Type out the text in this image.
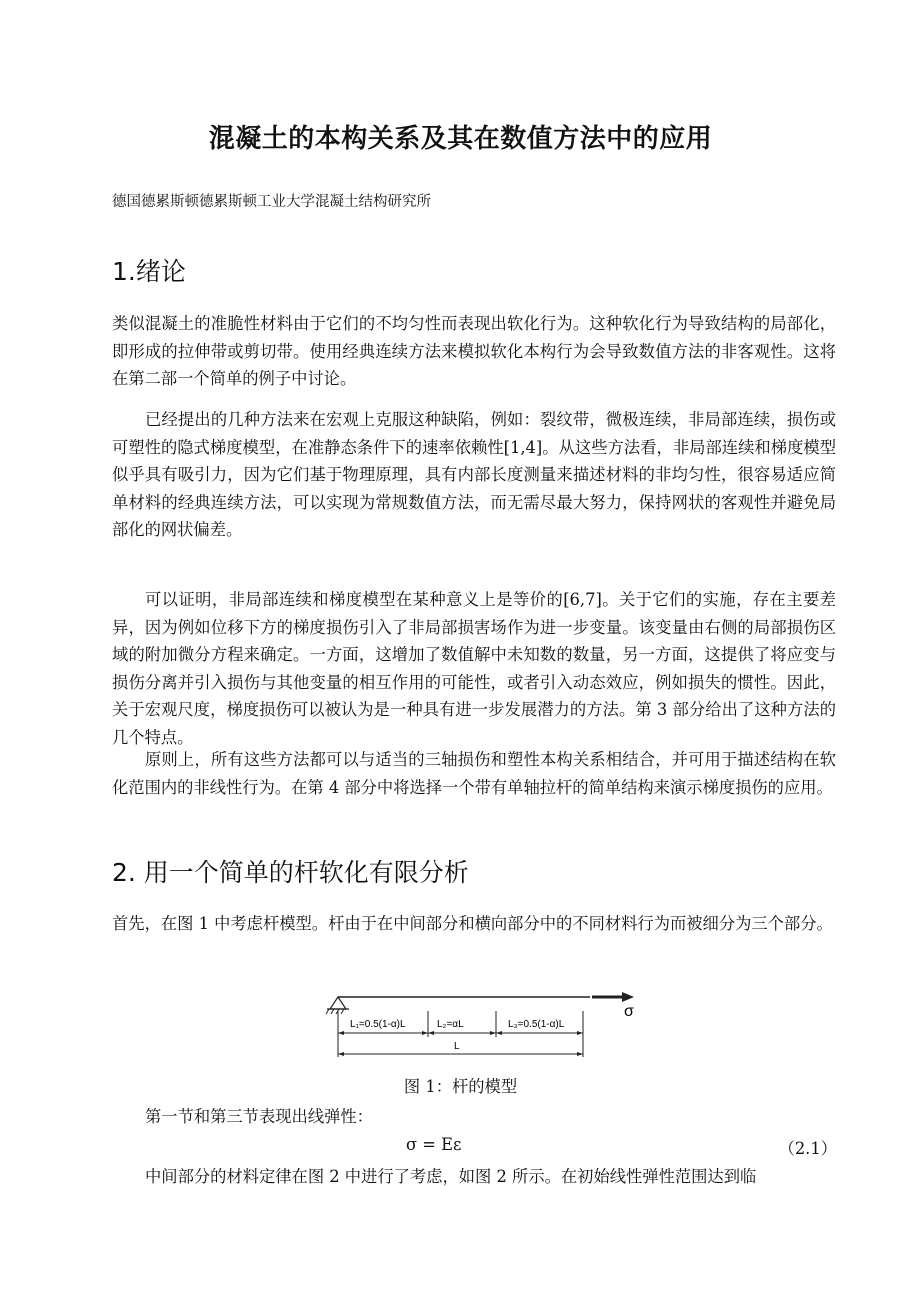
混凝土的本构关系及其在数值方法中的应用
德国德累斯顿德累斯顿工业大学混凝土结构研究所
1.绪论

类似混凝土的准脆性材料由于它们的不均匀性而表现出软化行为。这种软化行为导致结构的局部化，即形成的拉伸带或剪切带。使用经典连续方法来模拟软化本构行为会导致数值方法的非客观性。这将在第二部一个简单的例子中讨论。

已经提出的几种方法来在宏观上克服这种缺陷，例如：裂纹带，微极连续，非局部连续，损伤或可塑性的隐式梯度模型，在准静态条件下的速率依赖性[1,4]。从这些方法看，非局部连续和梯度模型似乎具有吸引力，因为它们基于物理原理，具有内部长度测量来描述材料的非均匀性，很容易适应简单材料的经典连续方法，可以实现为常规数值方法，而无需尽最大努力，保持网状的客观性并避免局部化的网状偏差。

可以证明，非局部连续和梯度模型在某种意义上是等价的[6,7]。关于它们的实施，存在主要差异，因为例如位移下方的梯度损伤引入了非局部损害场作为进一步变量。该变量由右侧的局部损伤区域的附加微分方程来确定。一方面，这增加了数值解中未知数的数量，另一方面，这提供了将应变与损伤分离并引入损伤与其他变量的相互作用的可能性，或者引入动态效应，例如损失的惯性。因此，关于宏观尺度，梯度损伤可以被认为是一种具有进一步发展潜力的方法。第 3 部分给出了这种方法的几个特点。

原则上，所有这些方法都可以与适当的三轴损伤和塑性本构关系相结合，并可用于描述结构在软化范围内的非线性行为。在第 4 部分中将选择一个带有单轴拉杆的简单结构来演示梯度损伤的应用。

2. 用一个简单的杆软化有限分析

首先，在图 1 中考虑杆模型。杆由于在中间部分和横向部分中的不同材料行为而被细分为三个部分。

σ
L₁=0.5(1-α)L	L₂=αL	L₃=0.5(1-α)L
L
图 1：杆的模型

第一节和第三节表现出线弹性：

σ = Eε	（2.1）

中间部分的材料定律在图 2 中进行了考虑，如图 2 所示。在初始线性弹性范围达到临
